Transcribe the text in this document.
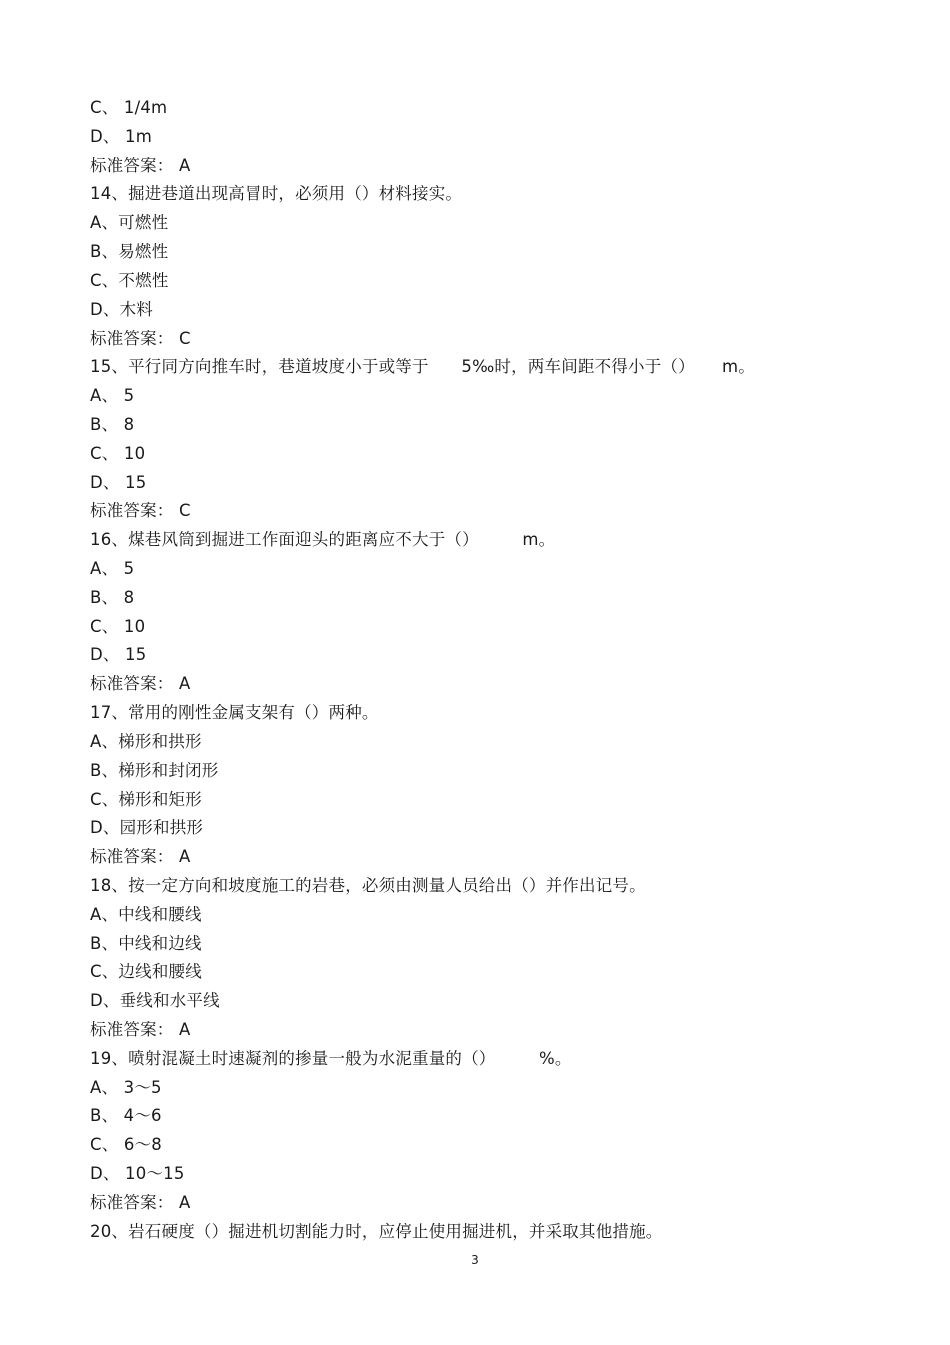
C、 1/4m
D、 1m
标准答案： A
14、掘进巷道出现高冒时，必须用（）材料接实。
A、可燃性
B、易燃性
C、不燃性
D、木料
标准答案： C
15、平行同方向推车时，巷道坡度小于或等于      5‰时，两车间距不得小于（）     m。
A、 5
B、 8
C、 10
D、 15
标准答案： C
16、煤巷风筒到掘进工作面迎头的距离应不大于（）        m。
A、 5
B、 8
C、 10
D、 15
标准答案： A
17、常用的刚性金属支架有（）两种。
A、梯形和拱形
B、梯形和封闭形
C、梯形和矩形
D、园形和拱形
标准答案： A
18、按一定方向和坡度施工的岩巷，必须由测量人员给出（）并作出记号。
A、中线和腰线
B、中线和边线
C、边线和腰线
D、垂线和水平线
标准答案： A
19、喷射混凝土时速凝剂的掺量一般为水泥重量的（）        %。
A、 3～5
B、 4～6
C、 6～8
D、 10～15
标准答案： A
20、岩石硬度（）掘进机切割能力时，应停止使用掘进机，并采取其他措施。
3
